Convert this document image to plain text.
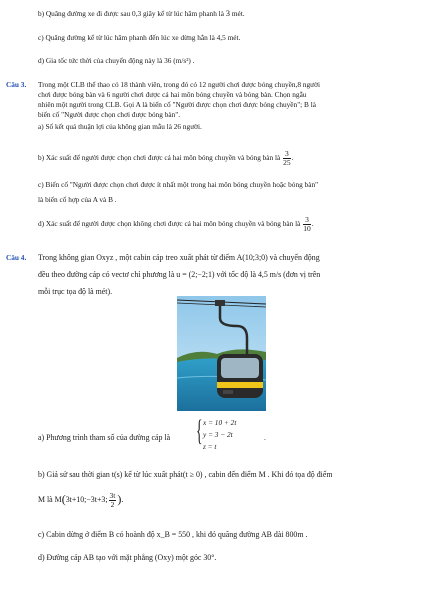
b) Quãng đường xe đi được sau 0,3 giây kể từ lúc hãm phanh là 3 mét.
c) Quãng đường kể từ lúc hãm phanh đến lúc xe dừng hẳn là 4,5 mét.
d) Gia tốc tức thời của chuyển động này là 36 (m/s²) .
Câu 3. Trong một CLB thể thao có 18 thành viên, trong đó có 12 người chơi được bóng chuyền,8 người
chơi được bóng bàn và 6 người chơi được cả hai môn bóng chuyền và bóng bàn. Chọn ngẫu
nhiên một người trong CLB. Gọi A là biến cố "Người được chọn chơi được bóng chuyền"; B là
biến cố "Người được chọn chơi được bóng bàn".
a) Số kết quả thuận lợi của không gian mẫu là 26 người.
b) Xác suất để người được chọn chơi được cả hai môn bóng chuyền và bóng bàn là $\frac{3}{25}$ .
c) Biến cố "Người được chọn chơi được ít nhất một trong hai môn bóng chuyền hoặc bóng bàn"
là biến cố hợp của A và B .
d) Xác suất để người được chọn không chơi được cả hai môn bóng chuyền và bóng bàn là $\frac{3}{10}$ .
Câu 4. Trong không gian Oxyz , một cabin cáp treo xuất phát từ điểm A(10;3;0) và chuyển động
đều theo đường cáp có vectơ chỉ phương là u = (2;−2;1) với tốc độ là 4,5 m/s (đơn vị trên
mỗi trục tọa độ là mét).
a) Phương trình tham số của đường cáp là { x = 10 + 2t
y = 3 − 2t
z = t
.
b) Giả sử sau thời gian t(s) kể từ lúc xuất phát(t ≥ 0) , cabin đến điểm M . Khi đó tọa độ điểm
M là M(3t+10;−3t+3; $\frac{3t}{2}$ ).
c) Cabin dừng ở điểm B có hoành độ x_B = 550 , khi đó quãng đường AB dài 800m .
d) Đường cáp AB tạo với mặt phẳng (Oxy) một góc 30°.
